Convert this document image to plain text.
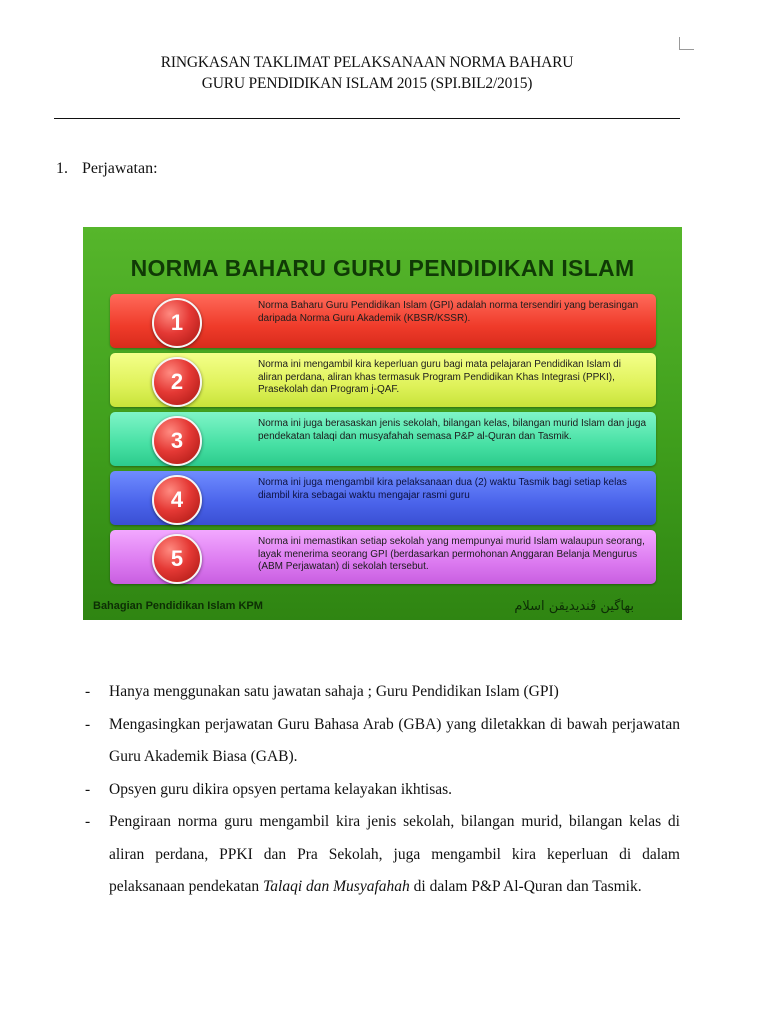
RINGKASAN TAKLIMAT PELAKSANAAN NORMA BAHARU
GURU PENDIDIKAN ISLAM 2015 (SPI.BIL2/2015)
1. Perjawatan:
NORMA BAHARU GURU PENDIDIKAN ISLAM
1
Norma Baharu Guru Pendidikan Islam (GPI) adalah norma tersendiri yang berasingan daripada Norma Guru Akademik (KBSR/KSSR).
2
Norma ini mengambil kira keperluan guru bagi mata pelajaran Pendidikan Islam di aliran perdana, aliran khas termasuk Program Pendidikan Khas Integrasi (PPKI), Prasekolah dan Program j-QAF.
3
Norma ini juga berasaskan jenis sekolah, bilangan kelas, bilangan murid Islam dan juga pendekatan talaqi dan musyafahah semasa P&P al-Quran dan Tasmik.
4
Norma ini juga mengambil kira pelaksanaan dua (2) waktu Tasmik bagi setiap kelas diambil kira sebagai waktu mengajar rasmi guru
5
Norma ini memastikan setiap sekolah yang mempunyai murid Islam walaupun seorang, layak menerima seorang GPI (berdasarkan permohonan Anggaran Belanja Mengurus (ABM Perjawatan) di sekolah tersebut.
Bahagian Pendidikan Islam KPM	بهاگين ڤنديديقن اسلام
- Hanya menggunakan satu jawatan sahaja ; Guru Pendidikan Islam (GPI)
- Mengasingkan perjawatan Guru Bahasa Arab (GBA) yang diletakkan di bawah perjawatan Guru Akademik Biasa (GAB).
- Opsyen guru dikira opsyen pertama kelayakan ikhtisas.
- Pengiraan norma guru mengambil kira jenis sekolah, bilangan murid, bilangan kelas di aliran perdana, PPKI dan Pra Sekolah, juga mengambil kira keperluan di dalam pelaksanaan pendekatan Talaqi dan Musyafahah di dalam P&P Al-Quran dan Tasmik.
